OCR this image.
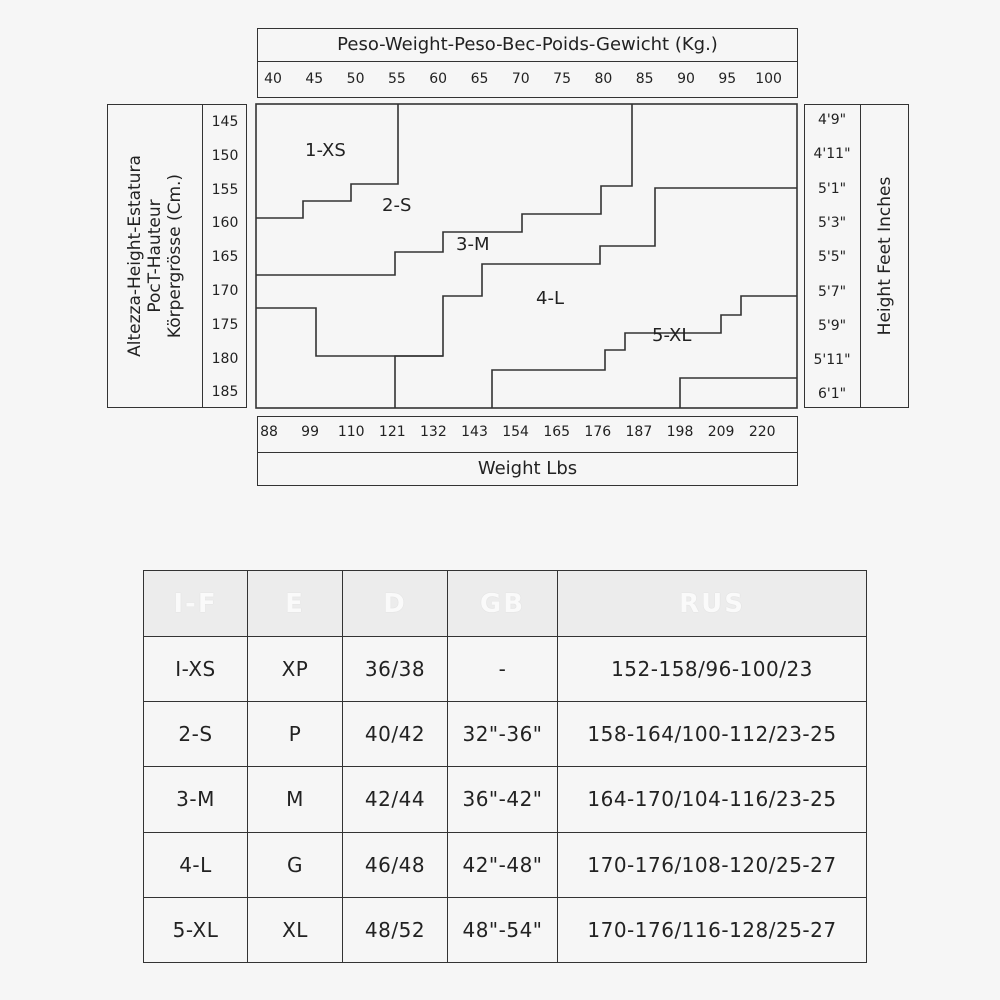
Peso-Weight-Peso-Bec-Poids-Gewicht (Kg.)
40 45 50 55 60 65 70 75 80 85 90 95 100
Altezza-Height-Estatura PocT-Hauteur Körpergrösse (Cm.)
145
150
155
160
165
170
175
180
185
4'9"
4'11"
5'1"
5'3"
5'5"
5'7"
5'9"
5'11"
6'1"
Height Feet Inches
1-XS
2-S
3-M
4-L
5-XL
88 99 110 121 132 143 154 165 176 187 198 209 220
Weight Lbs
I-F	E	D	GB	RUS
I-XS	XP	36/38	-	152-158/96-100/23
2-S	P	40/42	32"-36"	158-164/100-112/23-25
3-M	M	42/44	36"-42"	164-170/104-116/23-25
4-L	G	46/48	42"-48"	170-176/108-120/25-27
5-XL	XL	48/52	48"-54"	170-176/116-128/25-27
